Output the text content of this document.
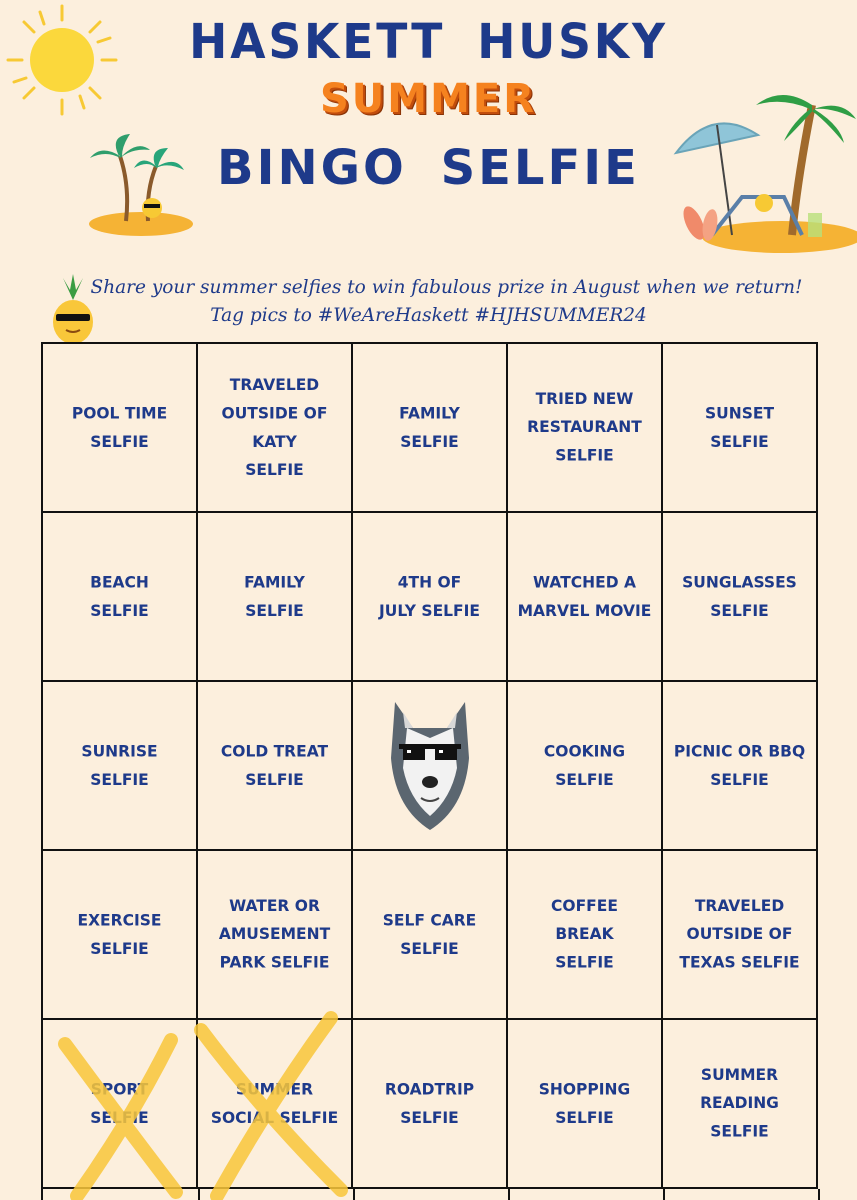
HASKETT HUSKY
SUMMER
BINGO SELFIE
Share your summer selfies to win fabulous prize in August when we return!
Tag pics to #WeAreHaskett #HJHSUMMER24
POOL TIME
SELFIE
TRAVELED
OUTSIDE OF
KATY
SELFIE
FAMILY
SELFIE
TRIED NEW
RESTAURANT
SELFIE
SUNSET
SELFIE
BEACH
SELFIE
FAMILY
SELFIE
4TH OF
JULY SELFIE
WATCHED A
MARVEL MOVIE
SUNGLASSES
SELFIE
SUNRISE
SELFIE
COLD TREAT
SELFIE
COOKING
SELFIE
PICNIC OR BBQ
SELFIE
EXERCISE
SELFIE
WATER OR
AMUSEMENT
PARK SELFIE
SELF CARE
SELFIE
COFFEE
BREAK
SELFIE
TRAVELED
OUTSIDE OF
TEXAS SELFIE
SPORT
SELFIE
SUMMER
SOCIAL SELFIE
ROADTRIP
SELFIE
SHOPPING
SELFIE
SUMMER
READING
SELFIE
